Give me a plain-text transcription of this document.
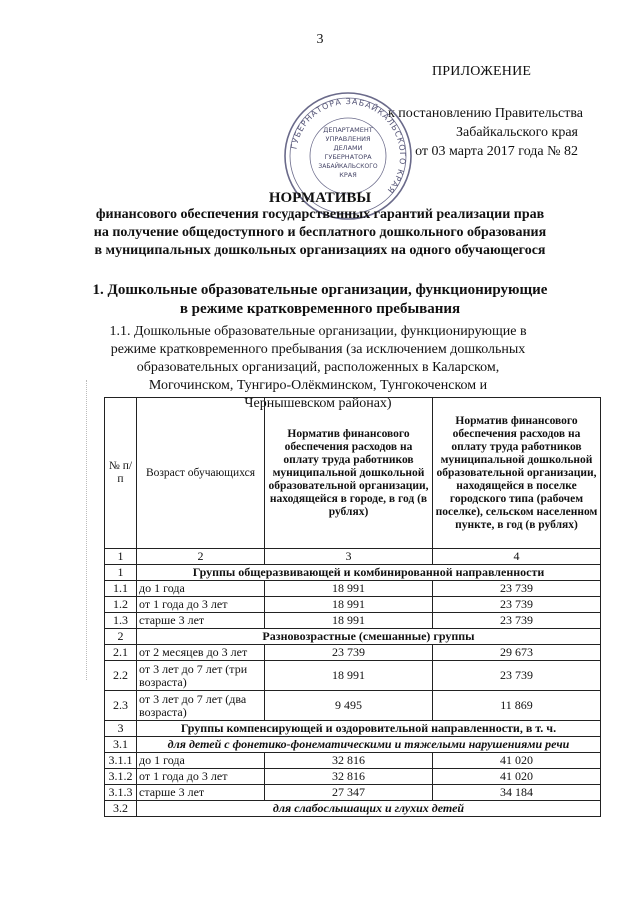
3
ПРИЛОЖЕНИЕ
к постановлению Правительства
Забайкальского края
от 03 марта 2017 года № 82
ГУБЕРНАТОРА ЗАБАЙКАЛЬСКОГО КРАЯ
ДЕПАРТАМЕНТ
УПРАВЛЕНИЯ
ДЕЛАМИ
ГУБЕРНАТОРА
ЗАБАЙКАЛЬСКОГО
КРАЯ
НОРМАТИВЫ
финансового обеспечения государственных гарантий реализации прав на получение общедоступного и бесплатного дошкольного образования в муниципальных дошкольных организациях на одного обучающегося
1. Дошкольные образовательные организации, функционирующие в режиме кратковременного пребывания
1.1. Дошкольные образовательные организации, функционирующие в режиме кратковременного пребывания (за исключением дошкольных образовательных организаций, расположенных в Каларском, Могочинском, Тунгиро-Олёкминском, Тунгокоченском и Чернышевском районах)
№ п/п	Возраст обучающихся	Норматив финансового обеспечения расходов на оплату труда работников муниципальной дошкольной образовательной организации, находящейся в городе, в год (в рублях)	Норматив финансового обеспечения расходов на оплату труда работников муниципальной дошкольной образовательной организации, находящейся в поселке городского типа (рабочем поселке), сельском населенном пункте, в год (в рублях)
1	2	3	4
1	Группы общеразвивающей и комбинированной направленности		
1.1	до 1 года	18 991	23 739
1.2	от 1 года до 3 лет	18 991	23 739
1.3	старше 3 лет	18 991	23 739
2	Разновозрастные (смешанные) группы		
2.1	от 2 месяцев до 3 лет	23 739	29 673
2.2	от 3 лет до 7 лет (три возраста)	18 991	23 739
2.3	от 3 лет до 7 лет (два возраста)	9 495	11 869
3	Группы компенсирующей и оздоровительной направленности, в т. ч.		
3.1	для детей с фонетико-фонематическими и тяжелыми нарушениями речи		
3.1.1	до 1 года	32 816	41 020
3.1.2	от 1 года до 3 лет	32 816	41 020
3.1.3	старше 3 лет	27 347	34 184
3.2	для слабослышащих и глухих детей		
